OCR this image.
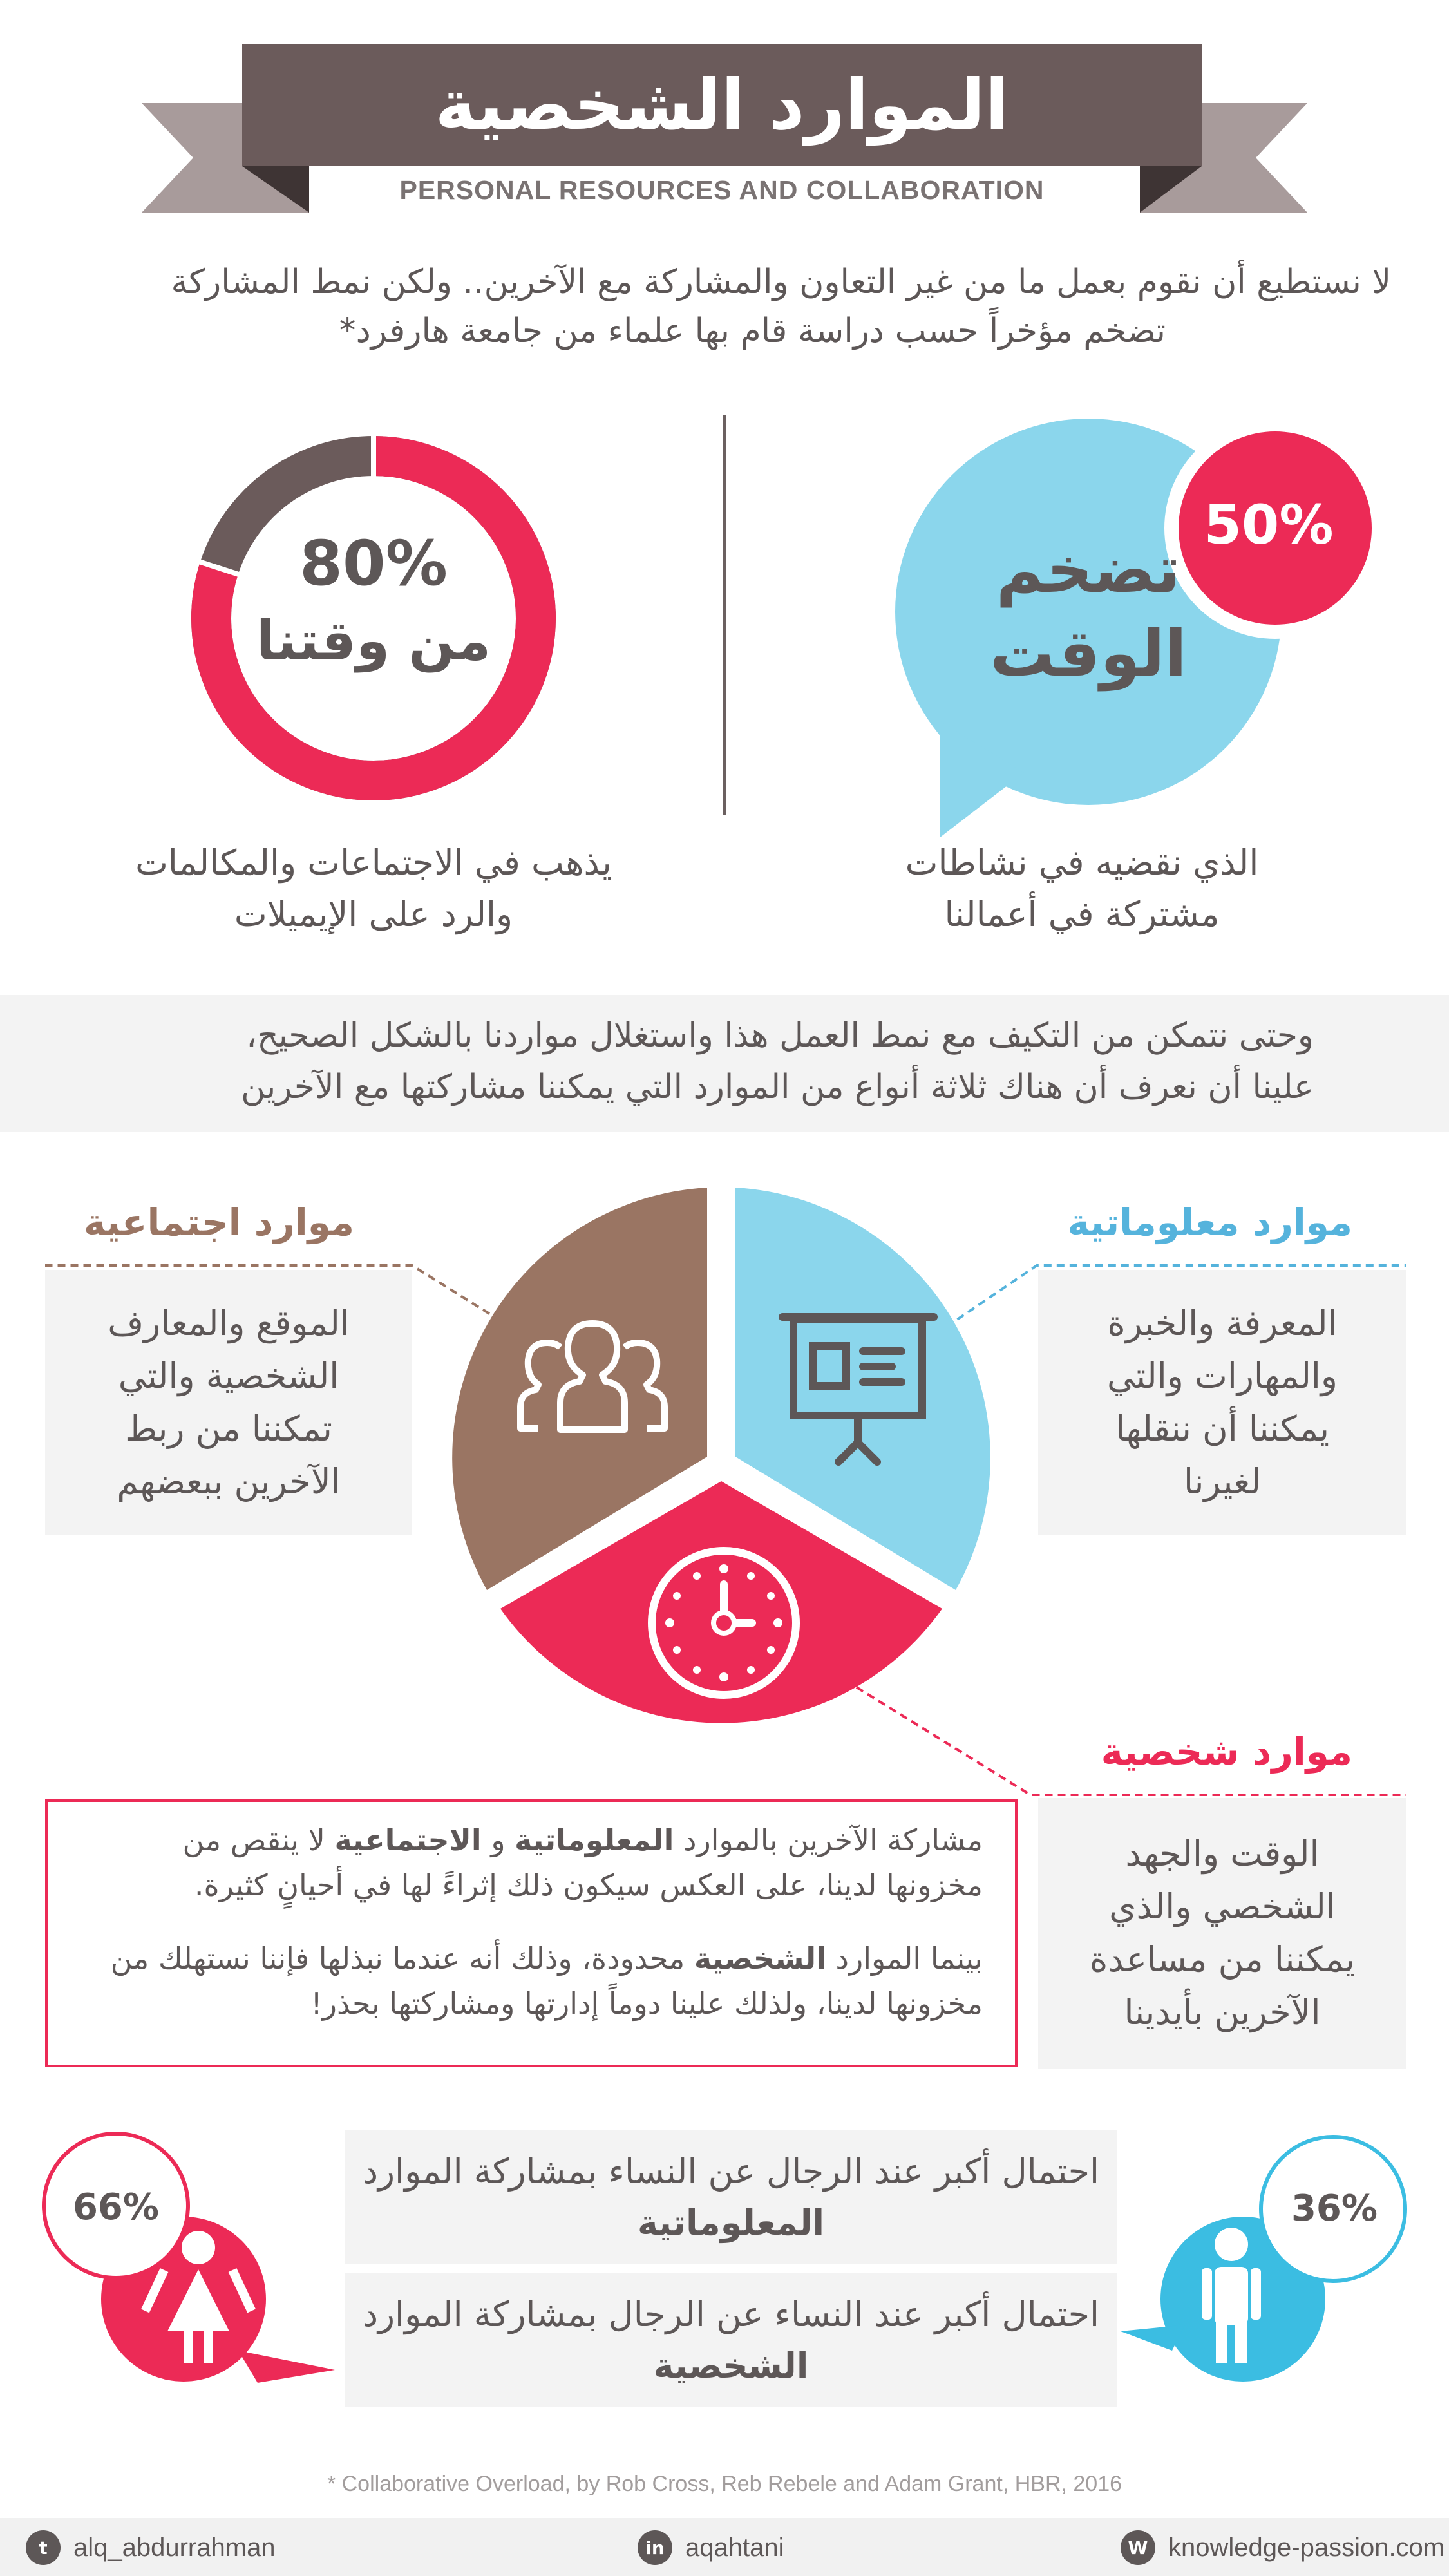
الموارد الشخصية
PERSONAL RESOURCES AND COLLABORATION
لا نستطيع أن نقوم بعمل ما من غير التعاون والمشاركة مع الآخرين.. ولكن نمط المشاركة
تضخم مؤخراً حسب دراسة قام بها علماء من جامعة هارفرد*
80%
من وقتنا
تضخم
الوقت
50%
يذهب في الاجتماعات والمكالمات
والرد على الإيميلات
الذي نقضيه في نشاطات
مشتركة في أعمالنا
وحتى نتمكن من التكيف مع نمط العمل هذا واستغلال مواردنا بالشكل الصحيح،
علينا أن نعرف أن هناك ثلاثة أنواع من الموارد التي يمكننا مشاركتها مع الآخرين
موارد معلوماتية
موارد اجتماعية
موارد شخصية
المعرفة والخبرة والمهارات والتي يمكننا أن ننقلها لغيرنا
الموقع والمعارف الشخصية والتي تمكننا من ربط الآخرين ببعضهم
الوقت والجهد الشخصي والذي يمكننا من مساعدة الآخرين بأيدينا

مشاركة الآخرين بالموارد المعلوماتية و الاجتماعية لا ينقص من مخزونها لدينا، على العكس سيكون ذلك إثراءً لها في أحيانٍ كثيرة.

بينما الموارد الشخصية محدودة، وذلك أنه عندما نبذلها فإننا نستهلك من مخزونها لدينا، ولذلك علينا دوماً إدارتها ومشاركتها بحذر!

66%	36%
احتمال أكبر عند الرجال عن النساء بمشاركة الموارد
المعلوماتية
احتمال أكبر عند النساء عن الرجال بمشاركة الموارد
الشخصية
* Collaborative Overload, by Rob Cross, Reb Rebele and Adam Grant, HBR, 2016
t	alq_abdurrahman	in aqahtani	W knowledge-passion.com
